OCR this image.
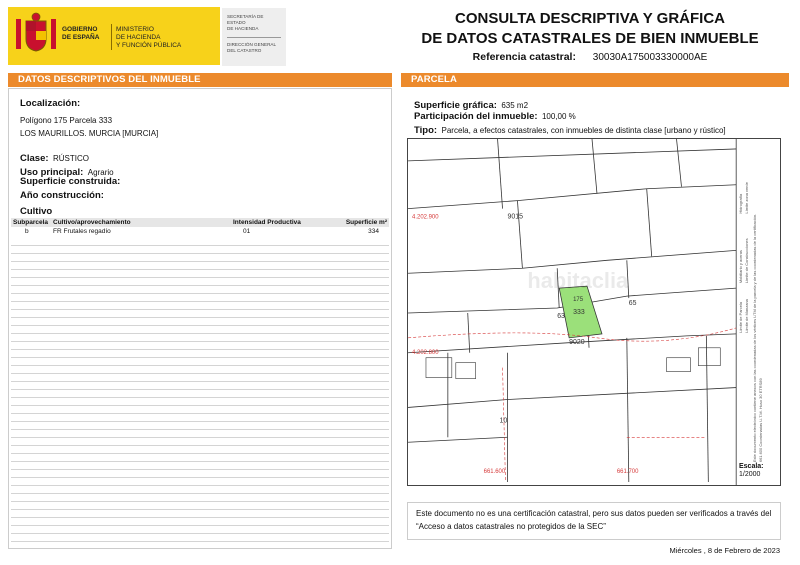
GOBIERNO
DE ESPAÑA
MINISTERIO
DE HACIENDA
Y FUNCIÓN PÚBLICA
SECRETARÍA DE ESTADO
DE HACIENDA
DIRECCIÓN GENERAL
DEL CATASTRO
CONSULTA DESCRIPTIVA Y GRÁFICA
DE DATOS CATASTRALES DE BIEN INMUEBLE
Referencia catastral: 30030A175003330000AE
DATOS DESCRIPTIVOS DEL INMUEBLE
Localización:
Polígono 175 Parcela 333
LOS MAURILLOS. MURCIA [MURCIA]
Clase: RÚSTICO
Uso principal: Agrario
Superficie construida:
Año construcción:
Cultivo
Subparcela	Cultivo/aprovechamiento	Intensidad Productiva	Superficie m²
b	FR Frutales regadío	01	334
PARCELA
Superficie gráfica: 635 m2
Participación del inmueble: 100,00 %
Tipo: Parcela, a efectos catastrales, con inmuebles de distinta clase [urbano y rústico]
9015
65
63
175
333
9020
10
4.202.900
4.202.800
661.600	661.700
habitaclia
661.600 Coordenadas U.T.M. Huso 30 ETRS89
Este documento electrónico contiene anexos con las coordenadas de los vértices UTM de la parcela y de las coordenadas de la certificación.
Límite de Manzana
Límite de Parcela
Límite de Construcciones
Mobiliario y aceras
Límite zona verde
Hidrografía
Escala:
1/2000
Este documento no es una certificación catastral, pero sus datos pueden ser verificados a través del “Acceso a datos catastrales no protegidos de la SEC”
Miércoles , 8 de Febrero de 2023
